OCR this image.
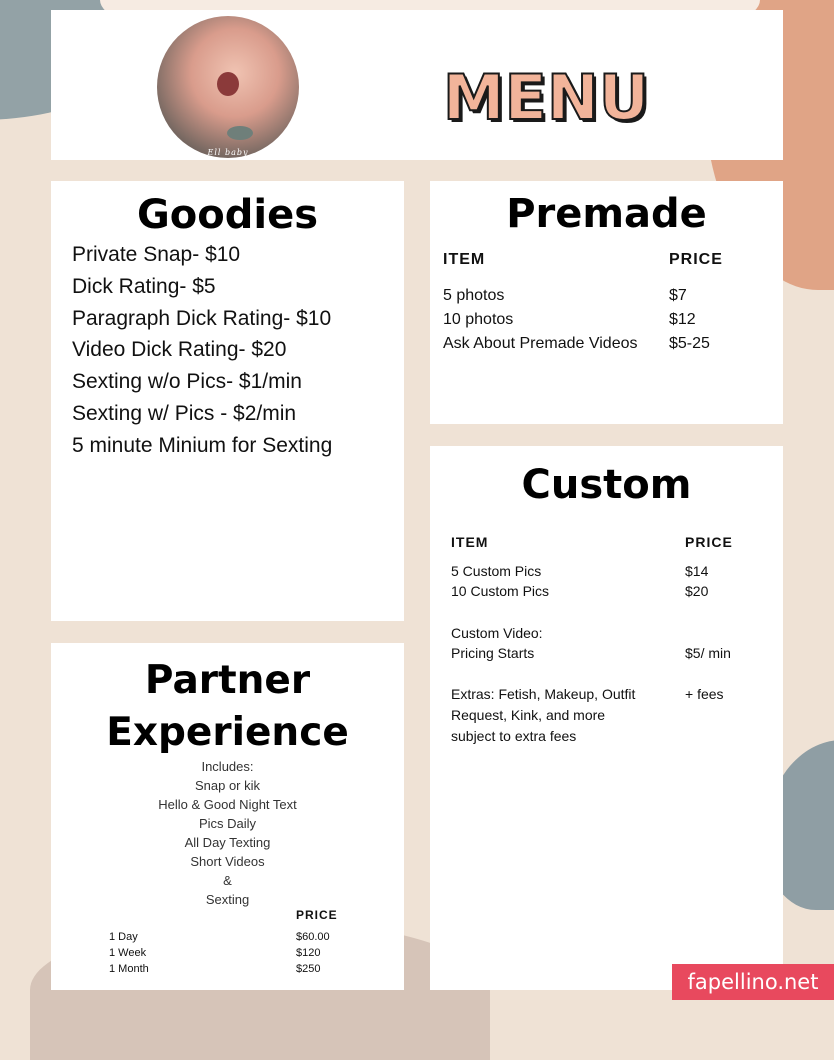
Ell baby
MENU
Goodies
Private Snap- $10
Dick Rating- $5
Paragraph Dick Rating- $10
Video Dick Rating- $20
Sexting w/o Pics- $1/min
Sexting w/ Pics - $2/min
5 minute Minium for Sexting
Premade
ITEM	PRICE
5 photos	$7
10 photos	$12
Ask About Premade Videos $5-25
Custom
ITEM	PRICE
5 Custom Pics	$14
10 Custom Pics	$20
Custom Video:
Pricing Starts	$5/ min
Extras: Fetish, Makeup, Outfit	+ fees
Request, Kink, and more
subject to extra fees
Partner
Experience
Includes:
Snap or kik
Hello & Good Night Text
Pics Daily
All Day Texting
Short Videos
&
Sexting
PRICE
1 Day	$60.00
1 Week	$120
1 Month	$250
fapellino.net
